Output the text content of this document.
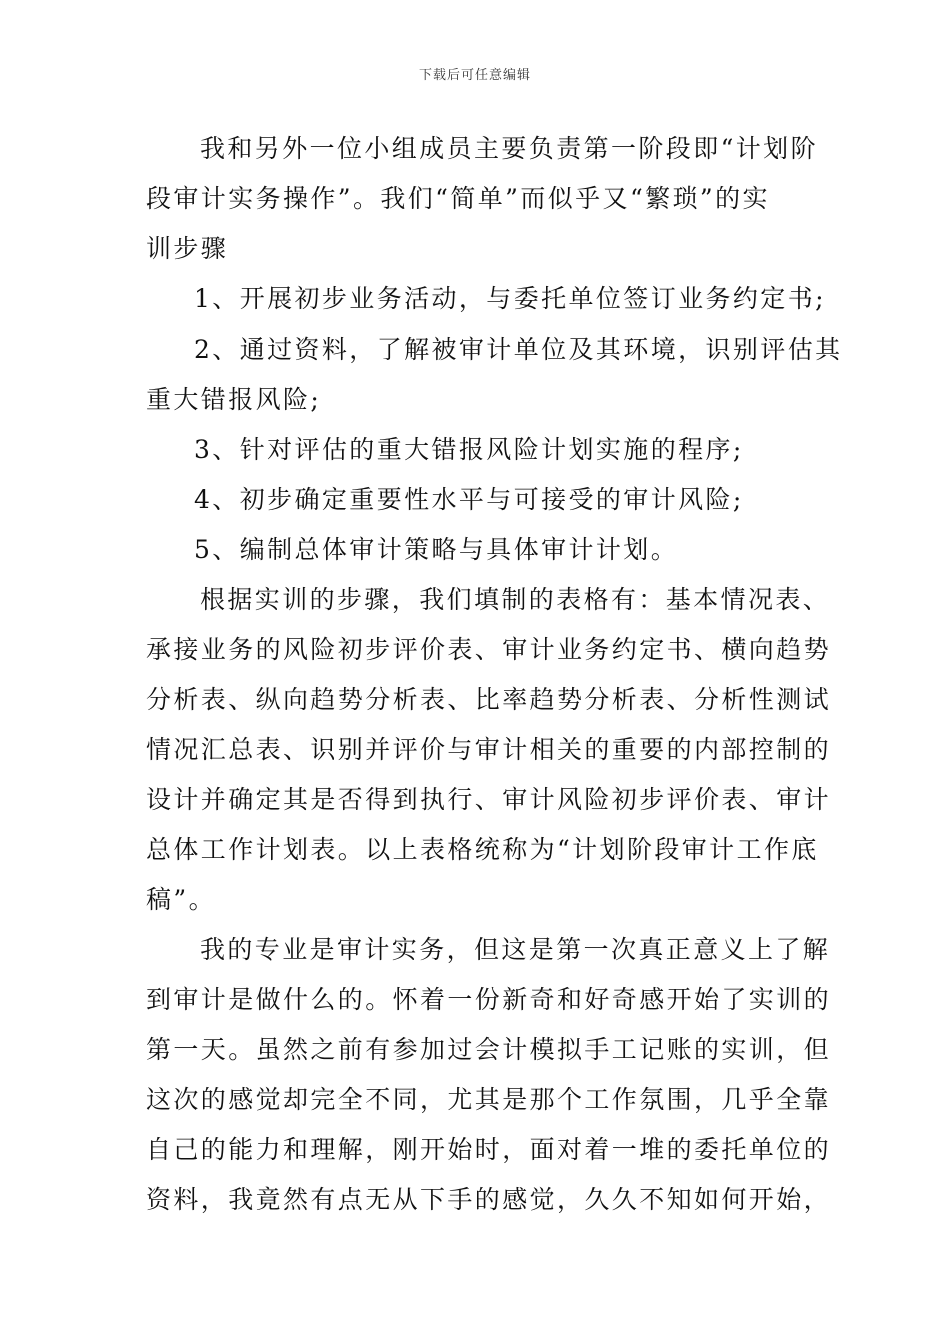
下载后可任意编辑
我和另外一位小组成员主要负责第一阶段即“计划阶
段审计实务操作”。我们“简单”而似乎又“繁琐”的实
训步骤
1、开展初步业务活动，与委托单位签订业务约定书;
2、通过资料，了解被审计单位及其环境，识别评估其
重大错报风险;
3、针对评估的重大错报风险计划实施的程序;
4、初步确定重要性水平与可接受的审计风险;
5、编制总体审计策略与具体审计计划。
根据实训的步骤，我们填制的表格有：基本情况表、
承接业务的风险初步评价表、审计业务约定书、横向趋势
分析表、纵向趋势分析表、比率趋势分析表、分析性测试
情况汇总表、识别并评价与审计相关的重要的内部控制的
设计并确定其是否得到执行、审计风险初步评价表、审计
总体工作计划表。以上表格统称为“计划阶段审计工作底
稿”。
我的专业是审计实务，但这是第一次真正意义上了解
到审计是做什么的。怀着一份新奇和好奇感开始了实训的
第一天。虽然之前有参加过会计模拟手工记账的实训，但
这次的感觉却完全不同，尤其是那个工作氛围，几乎全靠
自己的能力和理解，刚开始时，面对着一堆的委托单位的
资料，我竟然有点无从下手的感觉，久久不知如何开始，
